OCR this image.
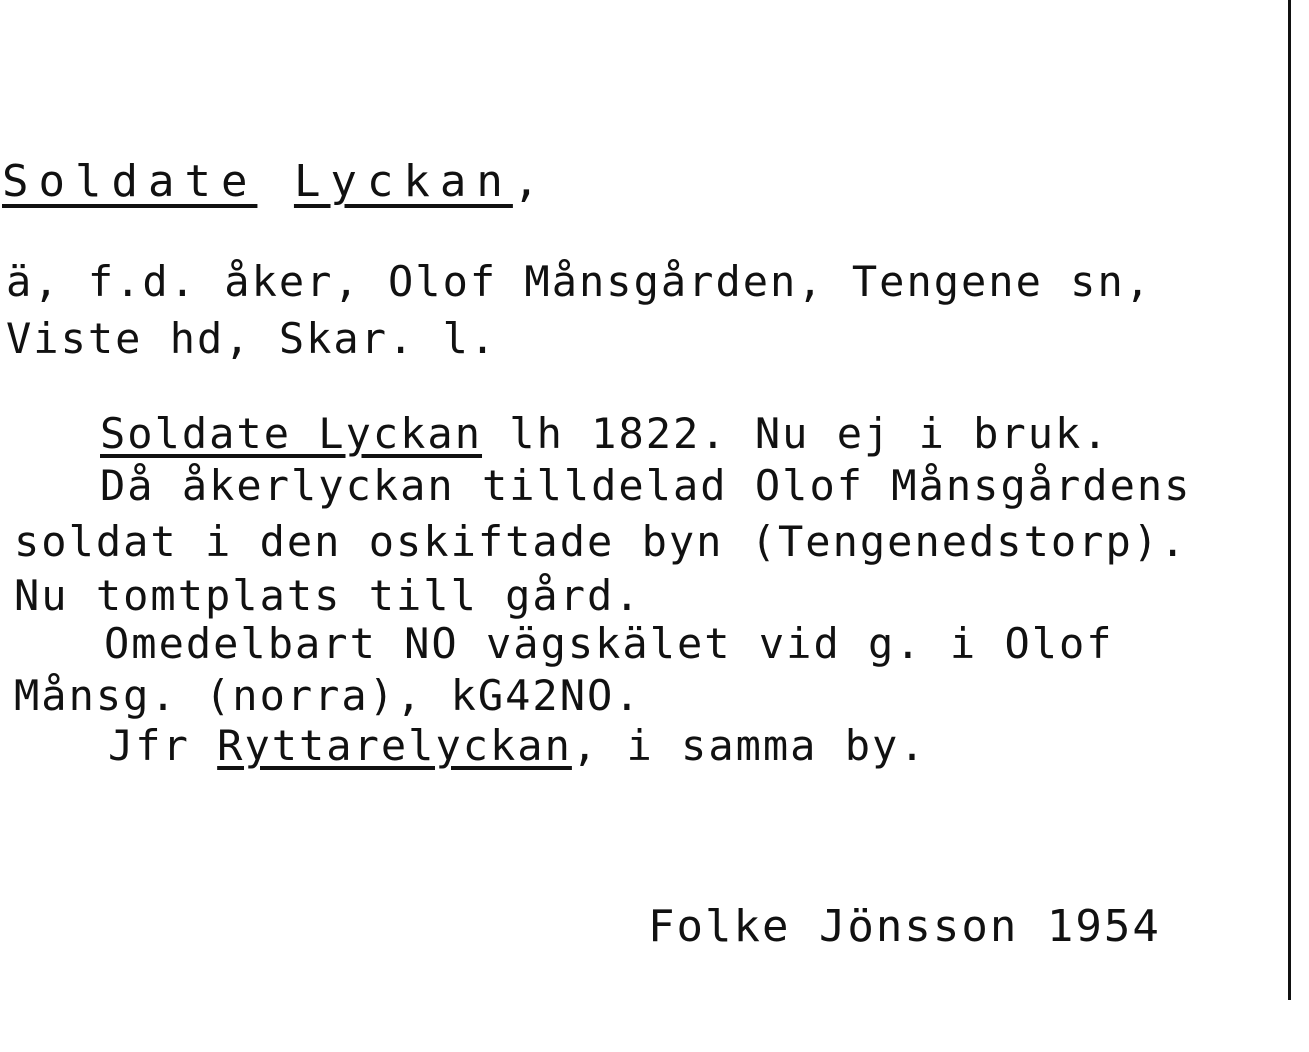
Soldate Lyckan,
ä, f.d. åker, Olof Månsgården, Tengene sn,
Viste hd, Skar. l.
Soldate Lyckan lh 1822. Nu ej i bruk.
Då åkerlyckan tilldelad Olof Månsgårdens
soldat i den oskiftade byn (Tengenedstorp).
Nu tomtplats till gård.
Omedelbart NO vägskälet vid g. i Olof
Månsg. (norra), kG42NO.
Jfr Ryttarelyckan, i samma by.
Folke Jönsson 1954
